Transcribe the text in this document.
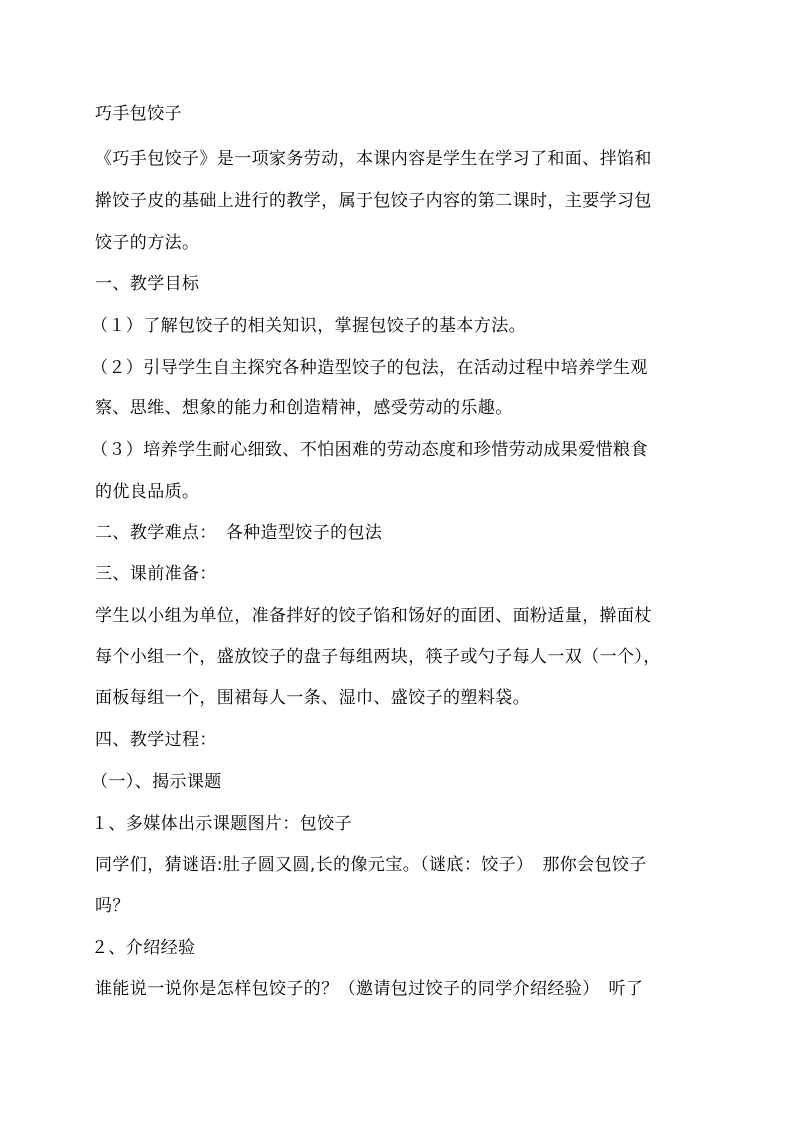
巧手包饺子
《巧手包饺子》是一项家务劳动，本课内容是学生在学习了和面、拌馅和
擀饺子皮的基础上进行的教学，属于包饺子内容的第二课时，主要学习包
饺子的方法。
一、教学目标
（１）了解包饺子的相关知识，掌握包饺子的基本方法。
（２）引导学生自主探究各种造型饺子的包法，在活动过程中培养学生观
察、思维、想象的能力和创造精神，感受劳动的乐趣。
（３）培养学生耐心细致、不怕困难的劳动态度和珍惜劳动成果爱惜粮食
的优良品质。
二、教学难点：　各种造型饺子的包法
三、课前准备：
学生以小组为单位，准备拌好的饺子馅和饧好的面团、面粉适量，擀面杖
每个小组一个，盛放饺子的盘子每组两块，筷子或勺子每人一双（一个），
面板每组一个，围裙每人一条、湿巾、盛饺子的塑料袋。
四、教学过程：
（一）、揭示课题
１、多媒体出示课题图片：包饺子
同学们，猜谜语:肚子圆又圆,长的像元宝。（谜底：饺子）　那你会包饺子
吗？
２、介绍经验
谁能说一说你是怎样包饺子的？（邀请包过饺子的同学介绍经验）　听了
